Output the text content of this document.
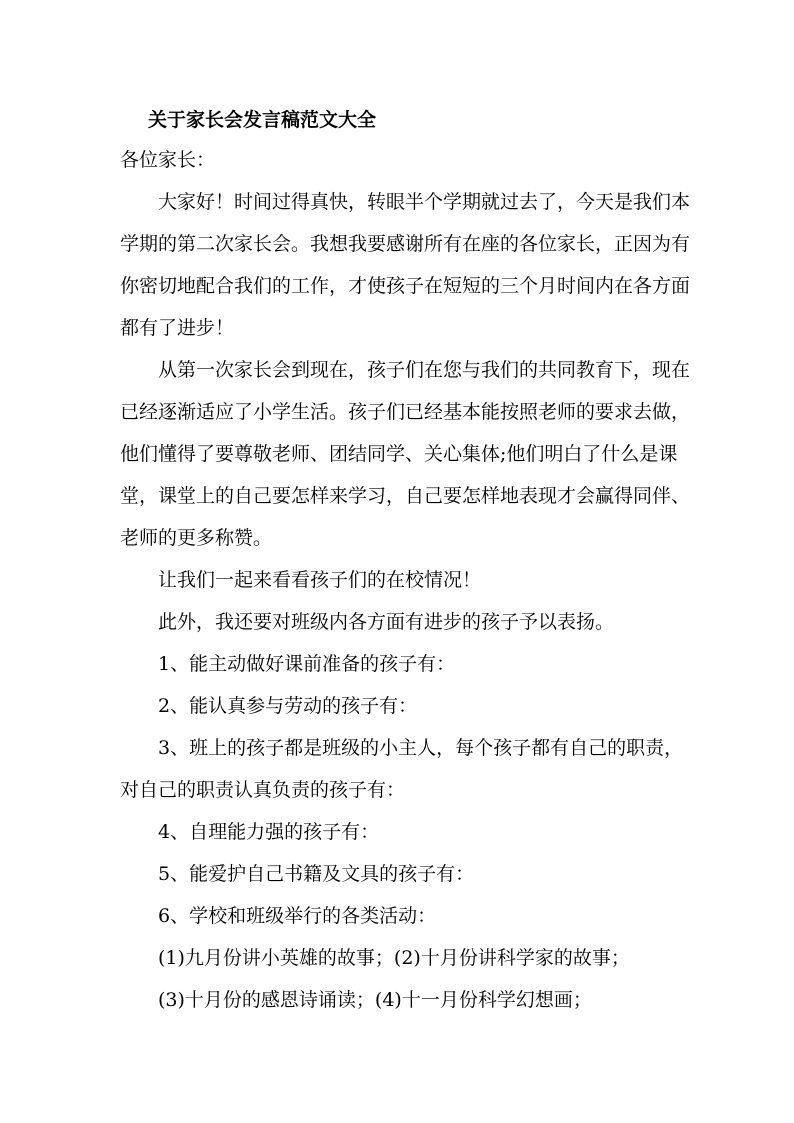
关于家长会发言稿范文大全
各位家长：
大家好！时间过得真快，转眼半个学期就过去了，今天是我们本
学期的第二次家长会。我想我要感谢所有在座的各位家长，正因为有
你密切地配合我们的工作，才使孩子在短短的三个月时间内在各方面
都有了进步！
从第一次家长会到现在，孩子们在您与我们的共同教育下，现在
已经逐渐适应了小学生活。孩子们已经基本能按照老师的要求去做，
他们懂得了要尊敬老师、团结同学、关心集体;他们明白了什么是课
堂，课堂上的自己要怎样来学习，自己要怎样地表现才会赢得同伴、
老师的更多称赞。
让我们一起来看看孩子们的在校情况！
此外，我还要对班级内各方面有进步的孩子予以表扬。
1、能主动做好课前准备的孩子有：
2、能认真参与劳动的孩子有：
3、班上的孩子都是班级的小主人，每个孩子都有自己的职责，
对自己的职责认真负责的孩子有：
4、自理能力强的孩子有：
5、能爱护自己书籍及文具的孩子有：
6、学校和班级举行的各类活动：
(1)九月份讲小英雄的故事；(2)十月份讲科学家的故事；
(3)十月份的感恩诗诵读；(4)十一月份科学幻想画；
